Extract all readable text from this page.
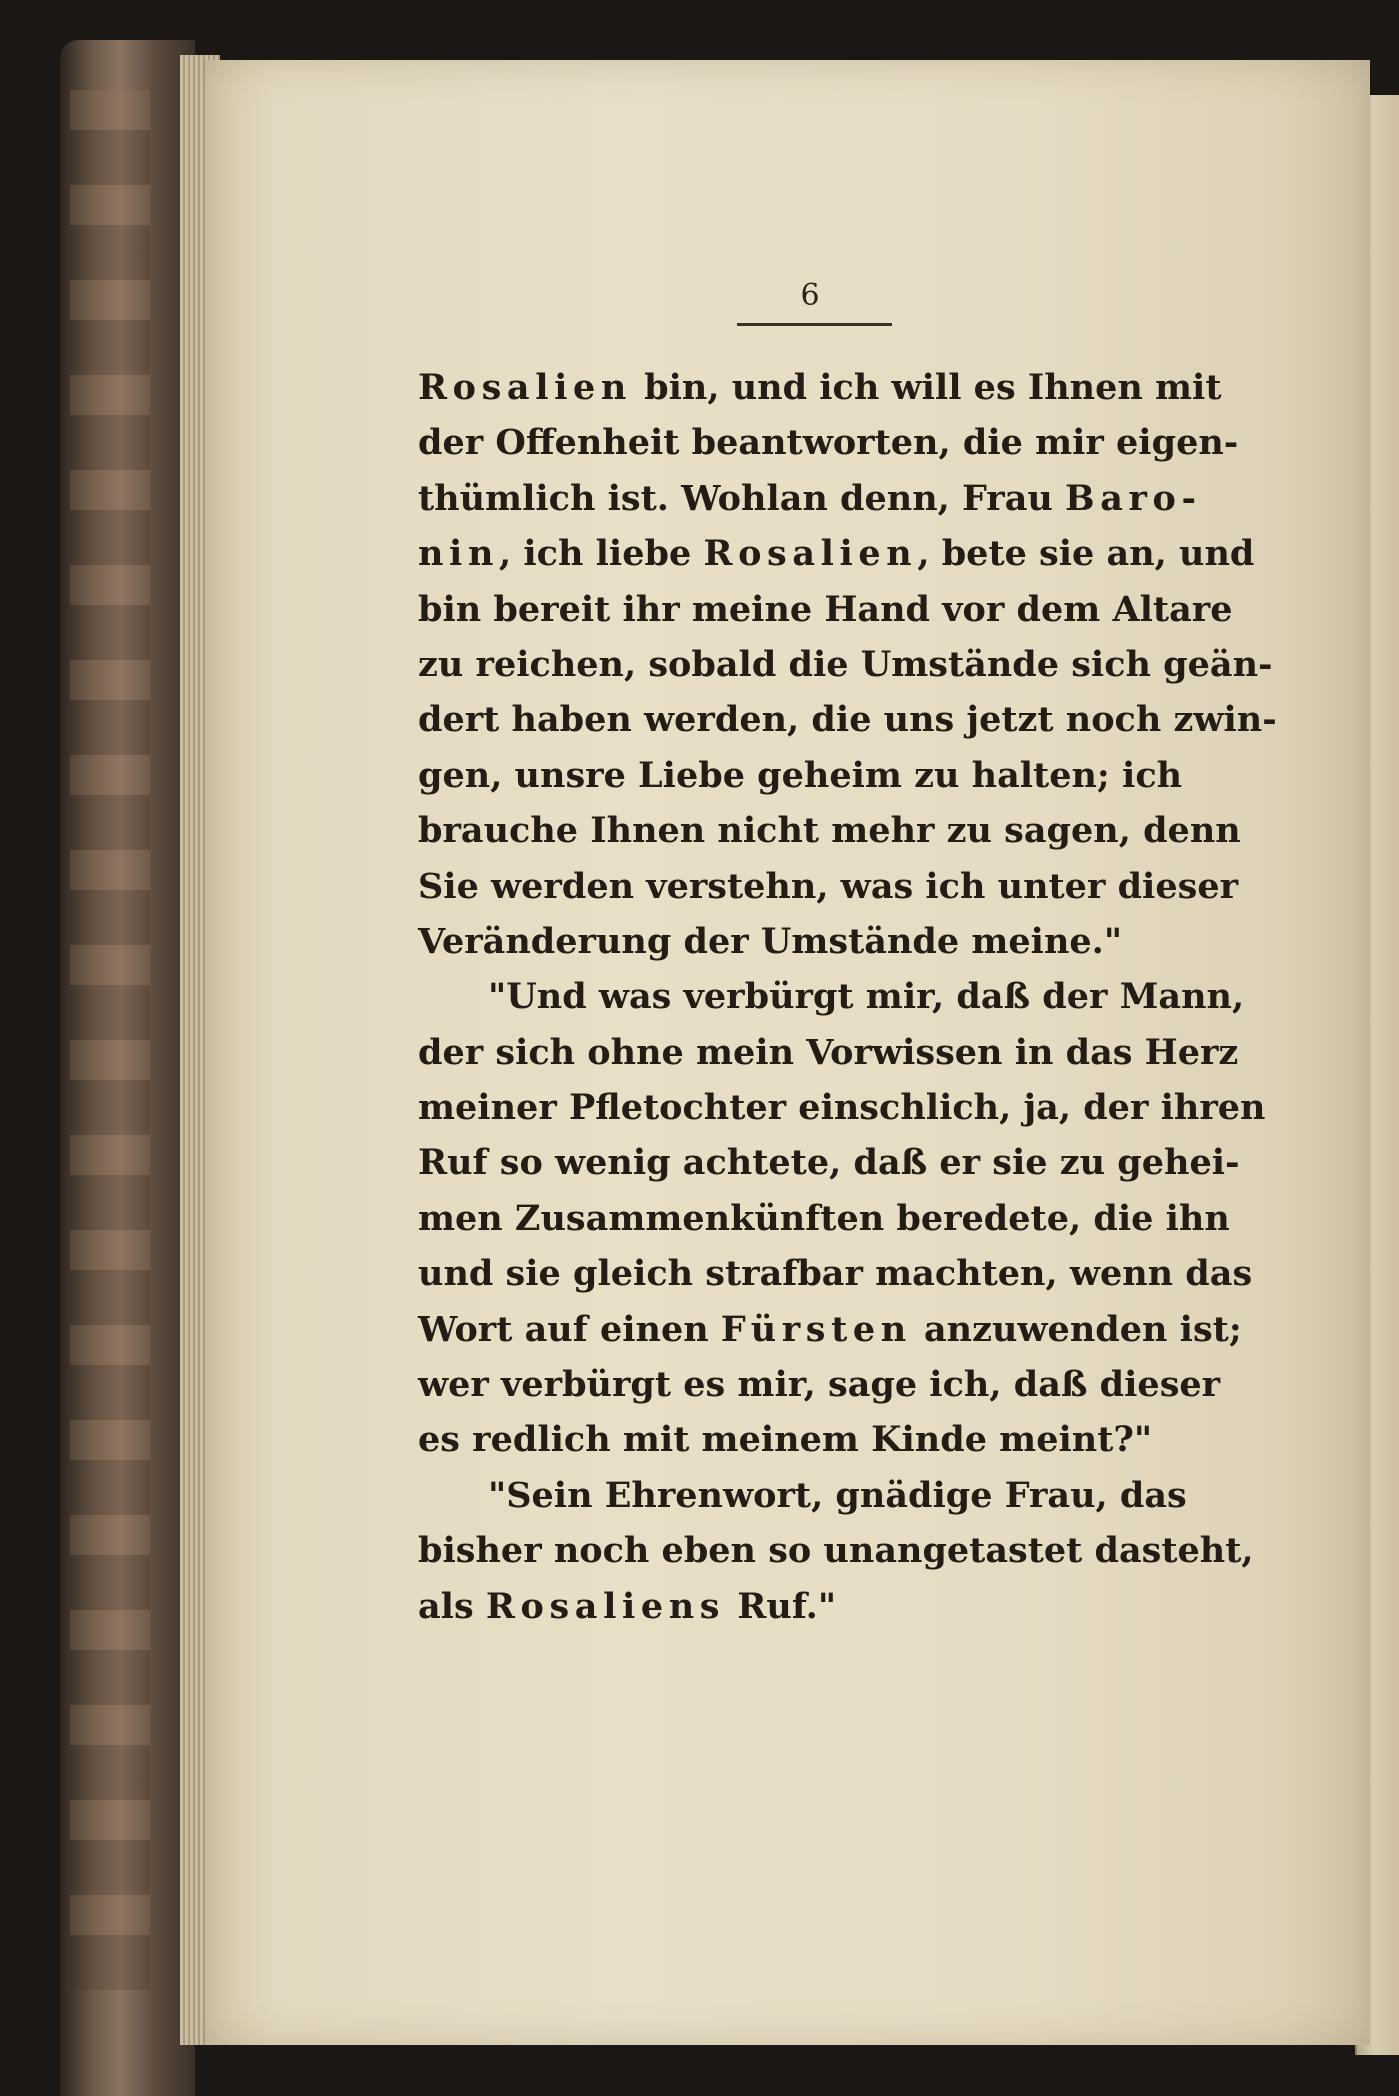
6
Rosalien bin, und ich will es Ihnen mit
der Offenheit beantworten, die mir eigen-
thümlich ist. Wohlan denn, Frau Baro-
nin, ich liebe Rosalien, bete sie an, und
bin bereit ihr meine Hand vor dem Altare
zu reichen, sobald die Umstände sich geän-
dert haben werden, die uns jetzt noch zwin-
gen, unsre Liebe geheim zu halten; ich
brauche Ihnen nicht mehr zu sagen, denn
Sie werden verstehn, was ich unter dieser
Veränderung der Umstände meine."
"Und was verbürgt mir, daß der Mann,
der sich ohne mein Vorwissen in das Herz
meiner Pfletochter einschlich, ja, der ihren
Ruf so wenig achtete, daß er sie zu gehei-
men Zusammenkünften beredete, die ihn
und sie gleich strafbar machten, wenn das
Wort auf einen Fürsten anzuwenden ist;
wer verbürgt es mir, sage ich, daß dieser
es redlich mit meinem Kinde meint?"
"Sein Ehrenwort, gnädige Frau, das
bisher noch eben so unangetastet dasteht,
als Rosaliens Ruf."
